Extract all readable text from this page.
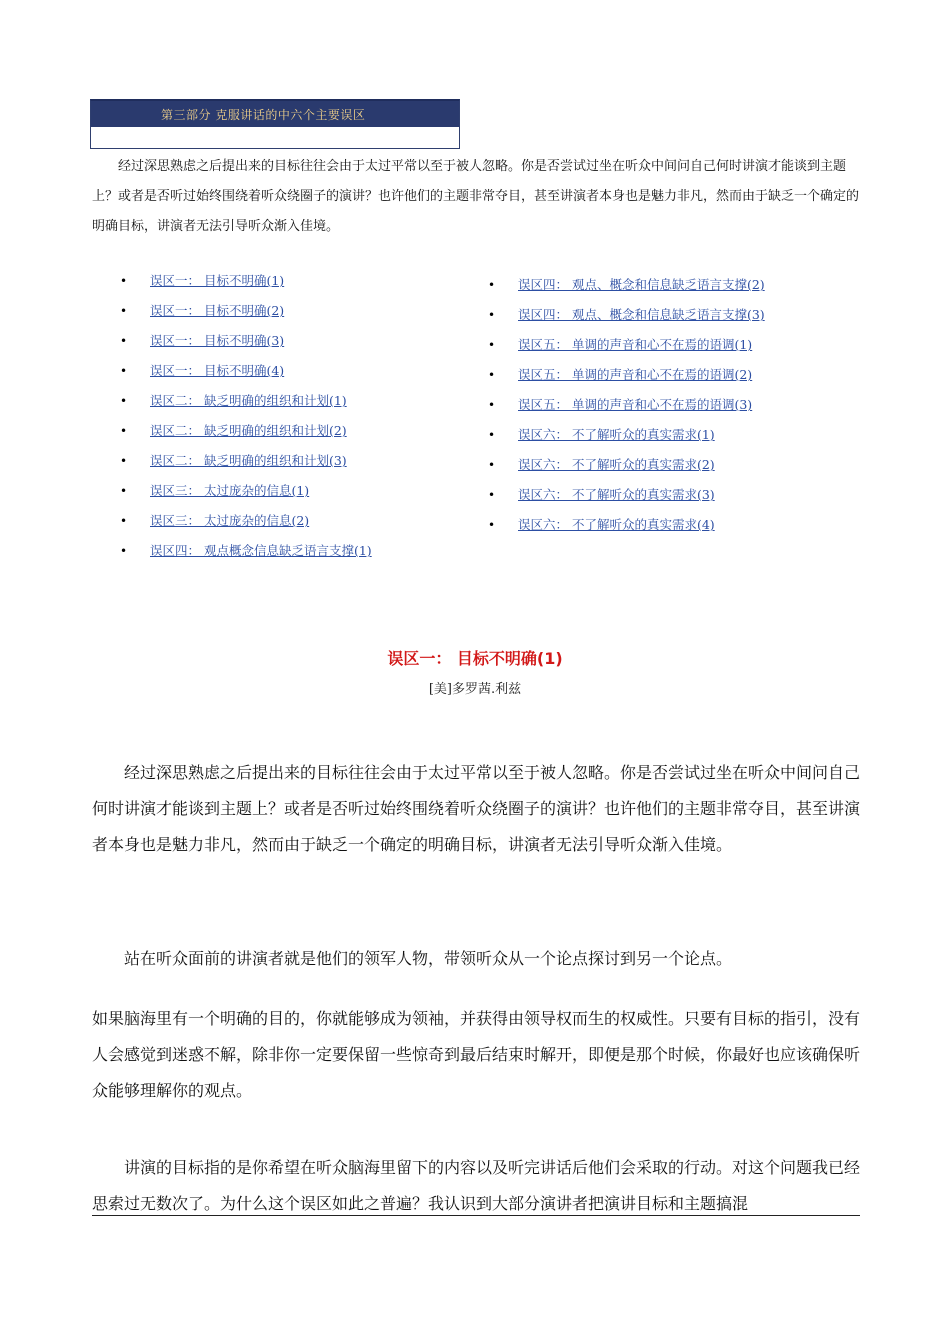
第三部分 克服讲话的中六个主要误区

经过深思熟虑之后提出来的目标往往会由于太过平常以至于被人忽略。你是否尝试过坐在听众中间问自己何时讲演才能谈到主题上？或者是否听过始终围绕着听众绕圈子的演讲？也许他们的主题非常夺目，甚至讲演者本身也是魅力非凡，然而由于缺乏一个确定的明确目标，讲演者无法引导听众渐入佳境。

• 误区一： 目标不明确(1)
• 误区一： 目标不明确(2)
• 误区一： 目标不明确(3)
• 误区一： 目标不明确(4)
• 误区二： 缺乏明确的组织和计划(1)
• 误区二： 缺乏明确的组织和计划(2)
• 误区二： 缺乏明确的组织和计划(3)
• 误区三： 太过庞杂的信息(1)
• 误区三： 太过庞杂的信息(2)
• 误区四： 观点概念信息缺乏语言支撑(1)
• 误区四： 观点、概念和信息缺乏语言支撑(2)
• 误区四： 观点、概念和信息缺乏语言支撑(3)
• 误区五： 单调的声音和心不在焉的语调(1)
• 误区五： 单调的声音和心不在焉的语调(2)
• 误区五： 单调的声音和心不在焉的语调(3)
• 误区六： 不了解听众的真实需求(1)
• 误区六： 不了解听众的真实需求(2)
• 误区六： 不了解听众的真实需求(3)
• 误区六： 不了解听众的真实需求(4)
误区一： 目标不明确(1)

[美]多罗茜.利兹

经过深思熟虑之后提出来的目标往往会由于太过平常以至于被人忽略。你是否尝试过坐在听众中间问自己何时讲演才能谈到主题上？或者是否听过始终围绕着听众绕圈子的演讲？也许他们的主题非常夺目，甚至讲演者本身也是魅力非凡，然而由于缺乏一个确定的明确目标，讲演者无法引导听众渐入佳境。

站在听众面前的讲演者就是他们的领军人物，带领听众从一个论点探讨到另一个论点。

如果脑海里有一个明确的目的，你就能够成为领袖，并获得由领导权而生的权威性。只要有目标的指引，没有人会感觉到迷惑不解，除非你一定要保留一些惊奇到最后结束时解开，即便是那个时候，你最好也应该确保听众能够理解你的观点。

讲演的目标指的是你希望在听众脑海里留下的内容以及听完讲话后他们会采取的行动。对这个问题我已经思索过无数次了。为什么这个误区如此之普遍？我认识到大部分演讲者把演讲目标和主题搞混
